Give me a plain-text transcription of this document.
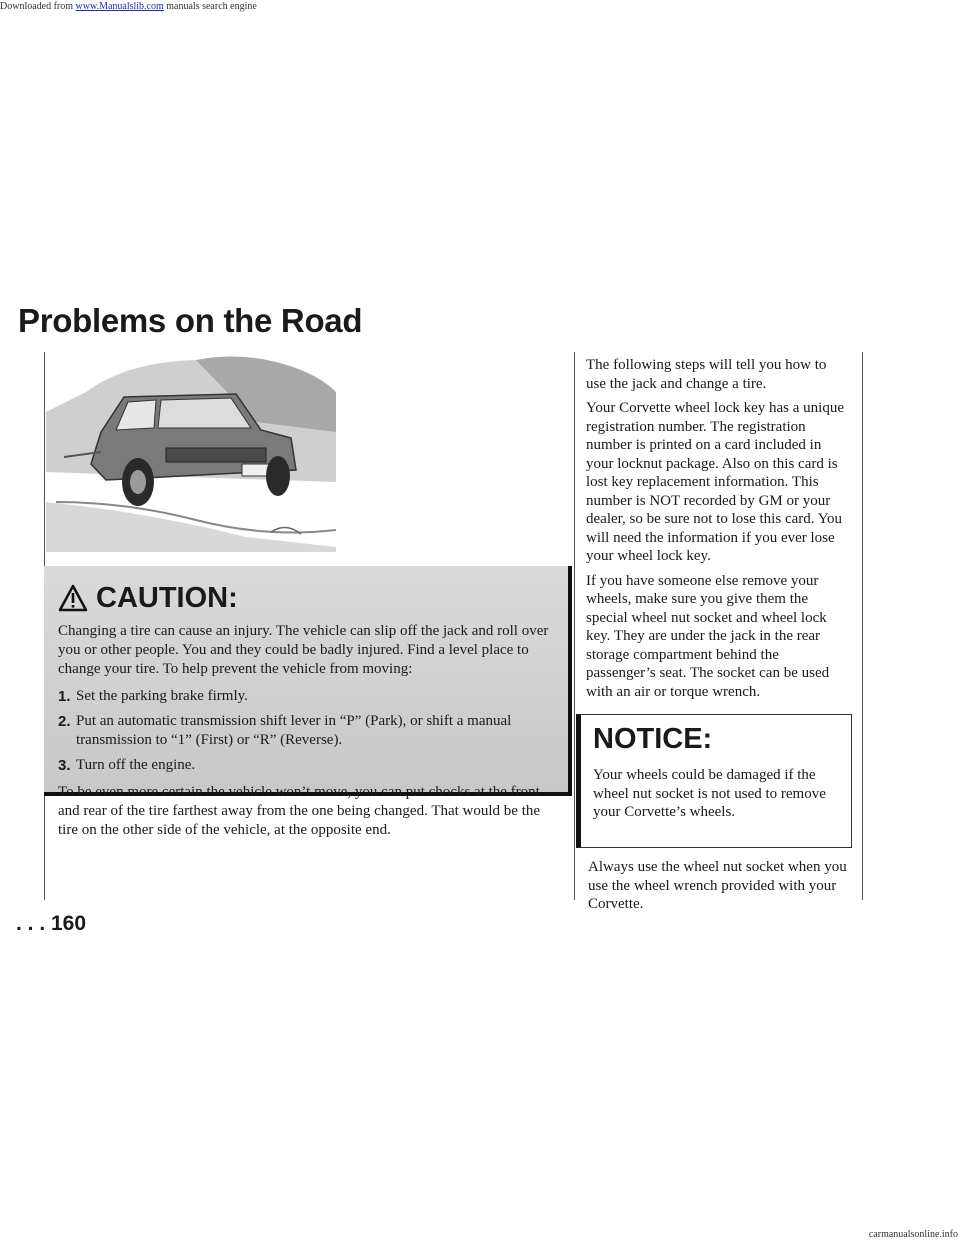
Downloaded from www.Manualslib.com manuals search engine
Problems on the Road
CAUTION:

Changing a tire can cause an injury. The vehicle can slip off the jack and roll over you or other people. You and they could be badly injured. Find a level place to change your tire. To help prevent the vehicle from moving:

1. Set the parking brake firmly.
2. Put an automatic transmission shift lever in “P” (Park), or shift a manual transmission to “1” (First) or “R” (Reverse).
3. Turn off the engine.

To be even more certain the vehicle won’t move, you can put chocks at the front and rear of the tire farthest away from the one being changed. That would be the tire on the other side of the vehicle, at the opposite end.

The following steps will tell you how to use the jack and change a tire.

Your Corvette wheel lock key has a unique registration number. The registration number is printed on a card included in your locknut package. Also on this card is lost key replacement information. This number is NOT recorded by GM or your dealer, so be sure not to lose this card. You will need the information if you ever lose your wheel lock key.

If you have someone else remove your wheels, make sure you give them the special wheel nut socket and wheel lock key. They are under the jack in the rear storage compartment behind the passenger’s seat. The socket can be used with an air or torque wrench.

NOTICE:

Your wheels could be damaged if the wheel nut socket is not used to remove your Corvette’s wheels.

Always use the wheel nut socket when you use the wheel wrench provided with your Corvette.

. . . 160

carmanualsonline.info
